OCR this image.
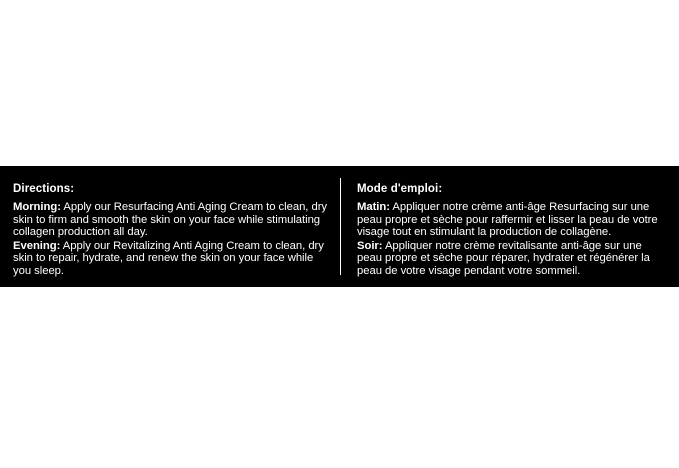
Directions:

Morning: Apply our Resurfacing Anti Aging Cream to clean, dry skin to firm and smooth the skin on your face while stimulating collagen production all day.

Evening: Apply our Revitalizing Anti Aging Cream to clean, dry skin to repair, hydrate, and renew the skin on your face while you sleep.

Mode d'emploi:

Matin: Appliquer notre crème anti-âge Resurfacing sur une peau propre et sèche pour raffermir et lisser la peau de votre visage tout en stimulant la production de collagène.

Soir: Appliquer notre crème revitalisante anti-âge sur une peau propre et sèche pour réparer, hydrater et régénérer la peau de votre visage pendant votre sommeil.
